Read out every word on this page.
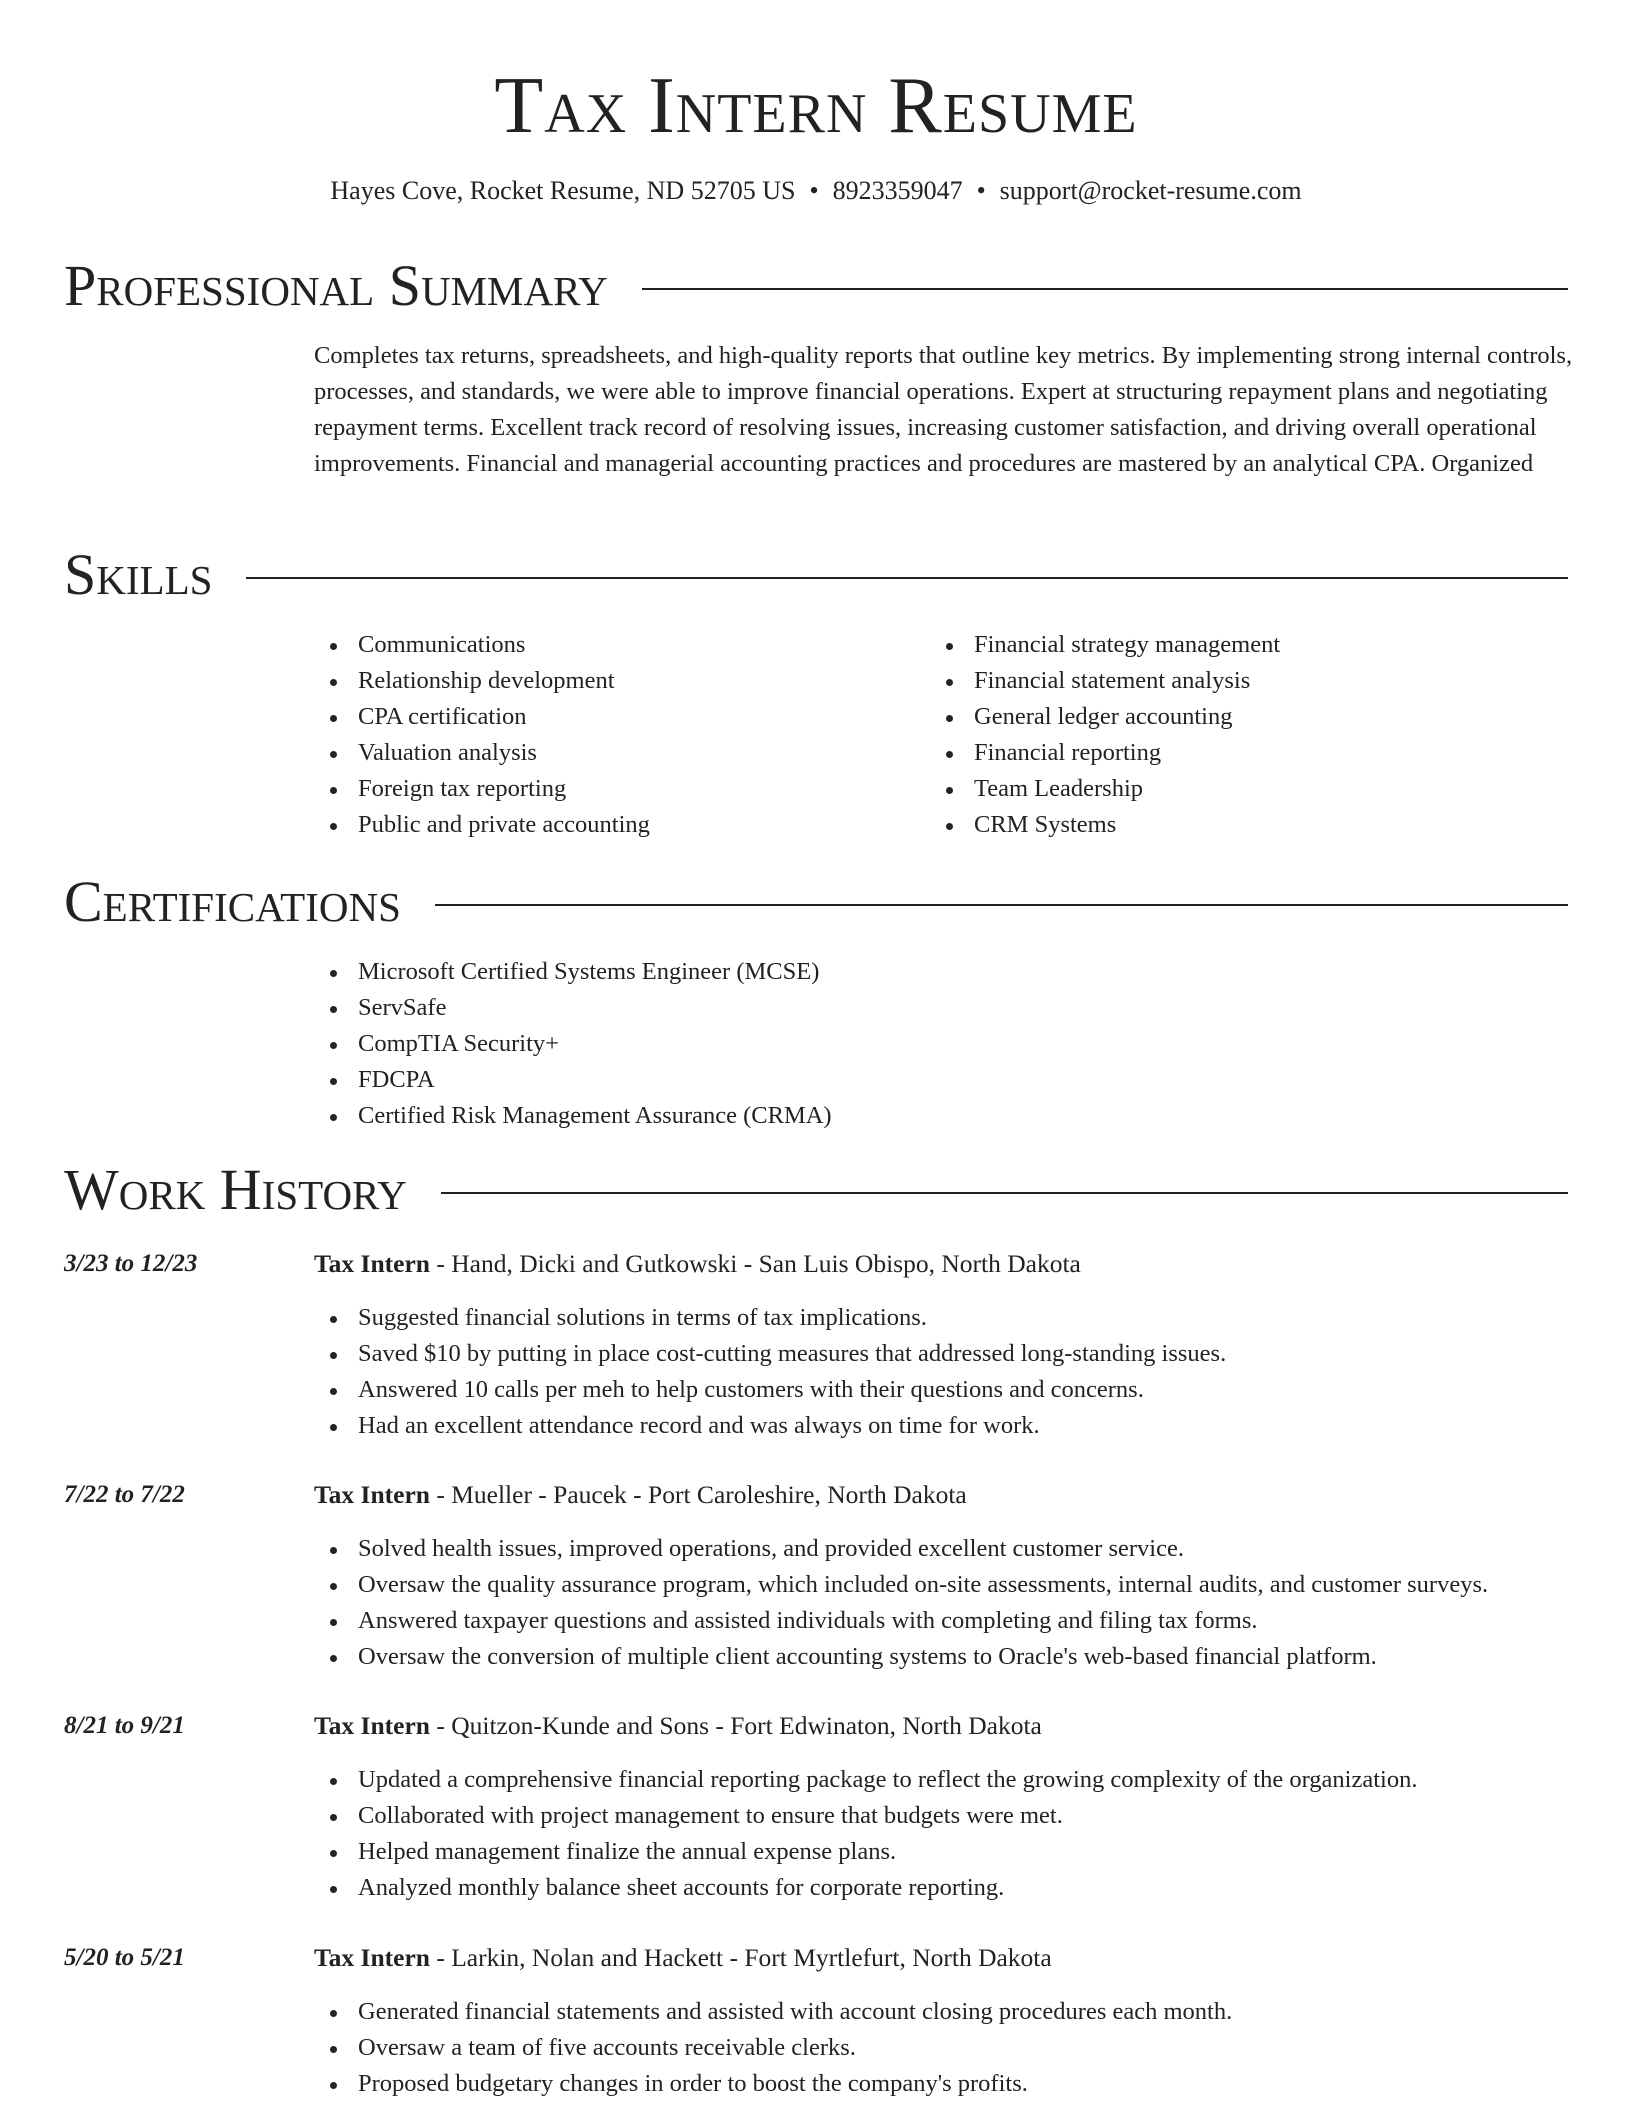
Tax Intern Resume
Hayes Cove, Rocket Resume, ND 52705 US • 8923359047 • support@rocket-resume.com
Professional Summary

Completes tax returns, spreadsheets, and high-quality reports that outline key metrics. By implementing strong internal controls, processes, and standards, we were able to improve financial operations. Expert at structuring repayment plans and negotiating repayment terms. Excellent track record of resolving issues, increasing customer satisfaction, and driving overall operational improvements. Financial and managerial accounting practices and procedures are mastered by an analytical CPA. Organized

Skills
Communications
Relationship development
CPA certification
Valuation analysis
Foreign tax reporting
Public and private accounting
Financial strategy management
Financial statement analysis
General ledger accounting
Financial reporting
Team Leadership
CRM Systems
Certifications
Microsoft Certified Systems Engineer (MCSE)
ServSafe
CompTIA Security+
FDCPA
Certified Risk Management Assurance (CRMA)
Work History
3/23 to 12/23	Tax Intern - Hand, Dicki and Gutkowski - San Luis Obispo, North Dakota
Suggested financial solutions in terms of tax implications.
Saved $10 by putting in place cost-cutting measures that addressed long-standing issues.
Answered 10 calls per meh to help customers with their questions and concerns.
Had an excellent attendance record and was always on time for work.
7/22 to 7/22	Tax Intern - Mueller - Paucek - Port Caroleshire, North Dakota
Solved health issues, improved operations, and provided excellent customer service.
Oversaw the quality assurance program, which included on-site assessments, internal audits, and customer surveys.
Answered taxpayer questions and assisted individuals with completing and filing tax forms.
Oversaw the conversion of multiple client accounting systems to Oracle's web-based financial platform.
8/21 to 9/21	Tax Intern - Quitzon-Kunde and Sons - Fort Edwinaton, North Dakota
Updated a comprehensive financial reporting package to reflect the growing complexity of the organization.
Collaborated with project management to ensure that budgets were met.
Helped management finalize the annual expense plans.
Analyzed monthly balance sheet accounts for corporate reporting.
5/20 to 5/21	Tax Intern - Larkin, Nolan and Hackett - Fort Myrtlefurt, North Dakota
Generated financial statements and assisted with account closing procedures each month.
Oversaw a team of five accounts receivable clerks.
Proposed budgetary changes in order to boost the company's profits.
